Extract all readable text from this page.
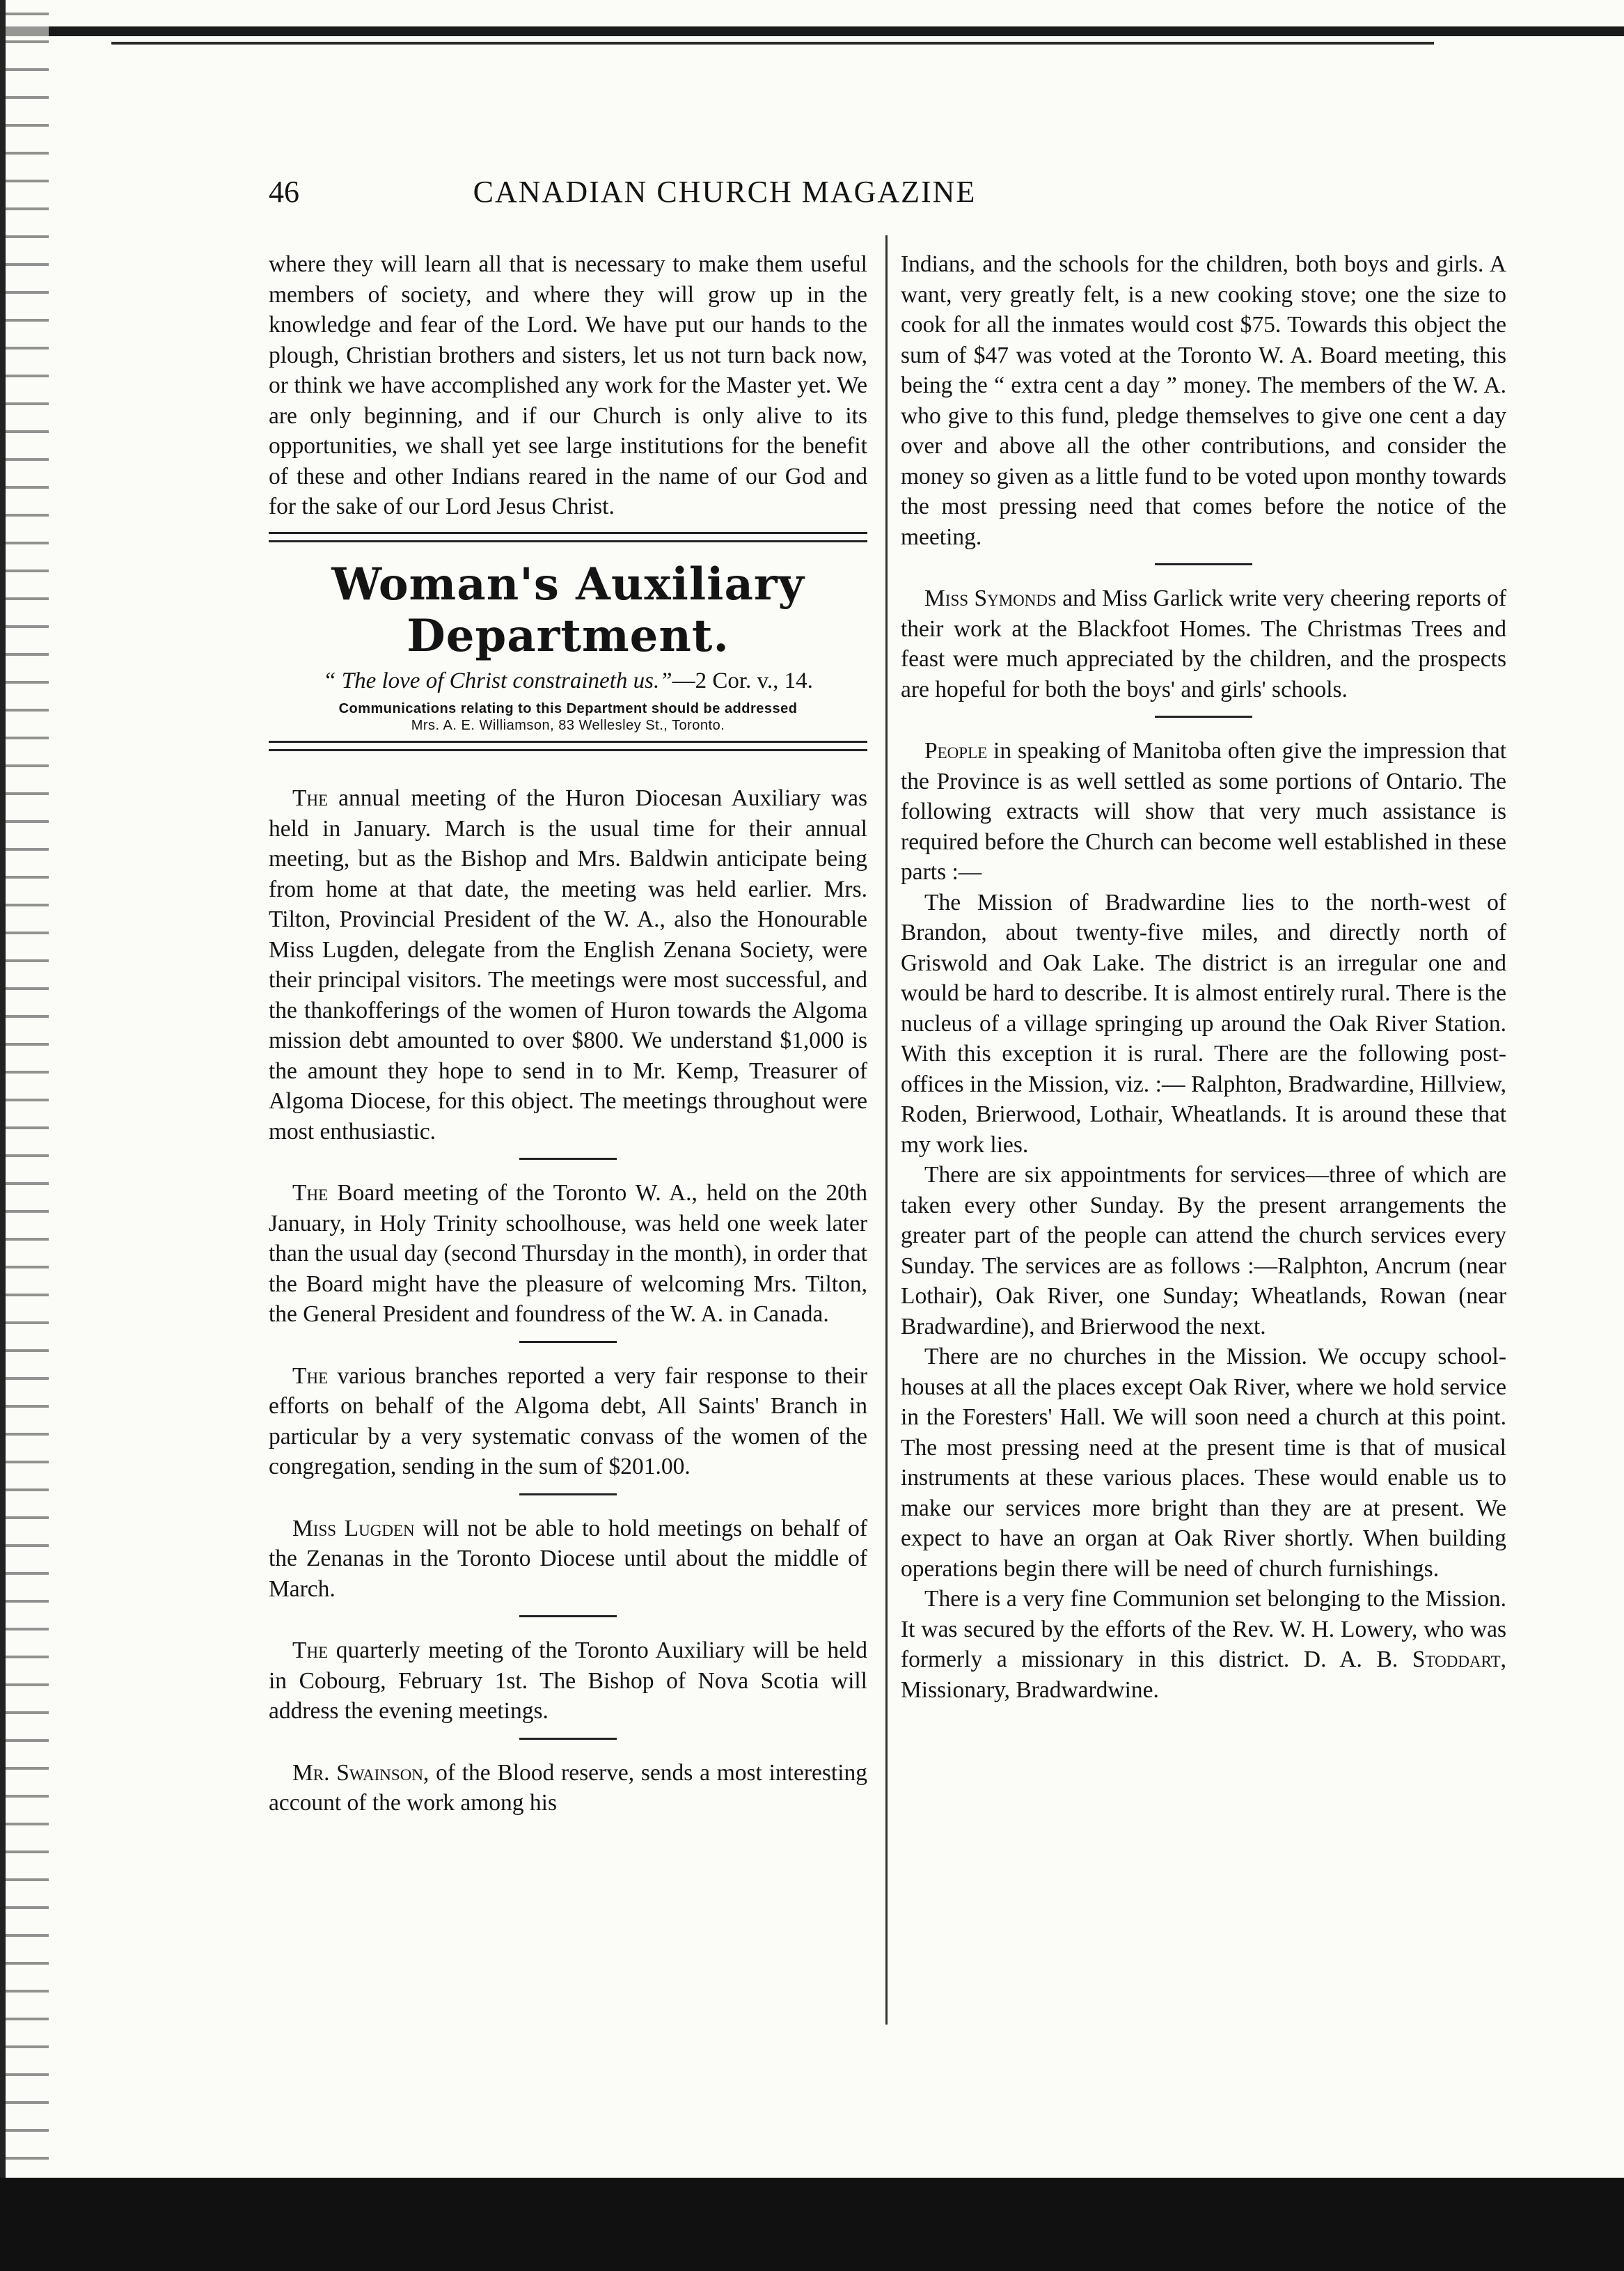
46	CANADIAN CHURCH MAGAZINE

where they will learn all that is necessary to make them useful members of society, and where they will grow up in the knowledge and fear of the Lord. We have put our hands to the plough, Christian brothers and sisters, let us not turn back now, or think we have accomplished any work for the Master yet. We are only beginning, and if our Church is only alive to its opportunities, we shall yet see large institutions for the benefit of these and other Indians reared in the name of our God and for the sake of our Lord Jesus Christ.

Woman's Auxiliary Department.
“ The love of Christ constraineth us.”—2 Cor. v., 14.
Communications relating to this Department should be addressed
Mrs. A. E. Williamson, 83 Wellesley St., Toronto.

The annual meeting of the Huron Diocesan Auxiliary was held in January. March is the usual time for their annual meeting, but as the Bishop and Mrs. Baldwin anticipate being from home at that date, the meeting was held earlier. Mrs. Tilton, Provincial President of the W. A., also the Honourable Miss Lugden, delegate from the English Zenana Society, were their principal visitors. The meetings were most successful, and the thankofferings of the women of Huron towards the Algoma mission debt amounted to over $800. We understand $1,000 is the amount they hope to send in to Mr. Kemp, Treasurer of Algoma Diocese, for this object. The meetings throughout were most enthusiastic.

The Board meeting of the Toronto W. A., held on the 20th January, in Holy Trinity schoolhouse, was held one week later than the usual day (second Thursday in the month), in order that the Board might have the pleasure of welcoming Mrs. Tilton, the General President and foundress of the W. A. in Canada.

The various branches reported a very fair response to their efforts on behalf of the Algoma debt, All Saints' Branch in particular by a very systematic convass of the women of the congregation, sending in the sum of $201.00.

Miss Lugden will not be able to hold meetings on behalf of the Zenanas in the Toronto Diocese until about the middle of March.

The quarterly meeting of the Toronto Auxiliary will be held in Cobourg, February 1st. The Bishop of Nova Scotia will address the evening meetings.

Mr. Swainson, of the Blood reserve, sends a most interesting account of the work among his

Indians, and the schools for the children, both boys and girls. A want, very greatly felt, is a new cooking stove; one the size to cook for all the inmates would cost $75. Towards this object the sum of $47 was voted at the Toronto W. A. Board meeting, this being the “ extra cent a day ” money. The members of the W. A. who give to this fund, pledge themselves to give one cent a day over and above all the other contributions, and consider the money so given as a little fund to be voted upon monthy towards the most pressing need that comes before the notice of the meeting.

Miss Symonds and Miss Garlick write very cheering reports of their work at the Blackfoot Homes. The Christmas Trees and feast were much appreciated by the children, and the prospects are hopeful for both the boys' and girls' schools.

People in speaking of Manitoba often give the impression that the Province is as well settled as some portions of Ontario. The following extracts will show that very much assistance is required before the Church can become well established in these parts :—

The Mission of Bradwardine lies to the north-west of Brandon, about twenty-five miles, and directly north of Griswold and Oak Lake. The district is an irregular one and would be hard to describe. It is almost entirely rural. There is the nucleus of a village springing up around the Oak River Station. With this exception it is rural. There are the following post-offices in the Mission, viz. :— Ralphton, Bradwardine, Hillview, Roden, Brierwood, Lothair, Wheatlands. It is around these that my work lies.

There are six appointments for services—three of which are taken every other Sunday. By the present arrangements the greater part of the people can attend the church services every Sunday. The services are as follows :—Ralphton, Ancrum (near Lothair), Oak River, one Sunday; Wheatlands, Rowan (near Bradwardine), and Brierwood the next.

There are no churches in the Mission. We occupy school-houses at all the places except Oak River, where we hold service in the Foresters' Hall. We will soon need a church at this point. The most pressing need at the present time is that of musical instruments at these various places. These would enable us to make our services more bright than they are at present. We expect to have an organ at Oak River shortly. When building operations begin there will be need of church furnishings.

There is a very fine Communion set belonging to the Mission. It was secured by the efforts of the Rev. W. H. Lowery, who was formerly a missionary in this district. D. A. B. Stoddart, Missionary, Bradwardwine.
